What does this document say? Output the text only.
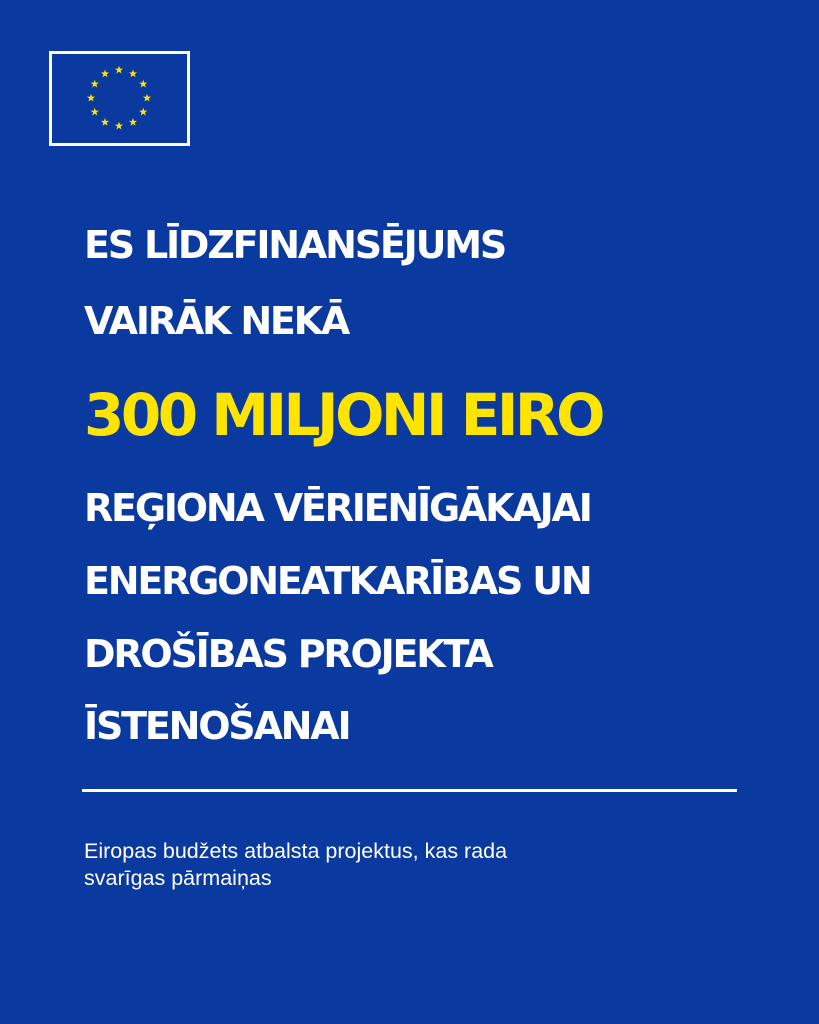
ES LĪDZFINANSĒJUMS
VAIRĀK NEKĀ
300 MILJONI EIRO
REĢIONA VĒRIENĪGĀKAJAI
ENERGONEATKARĪBAS UN
DROŠĪBAS PROJEKTA
ĪSTENOŠANAI

Eiropas budžets atbalsta projektus, kas rada
svarīgas pārmaiņas
